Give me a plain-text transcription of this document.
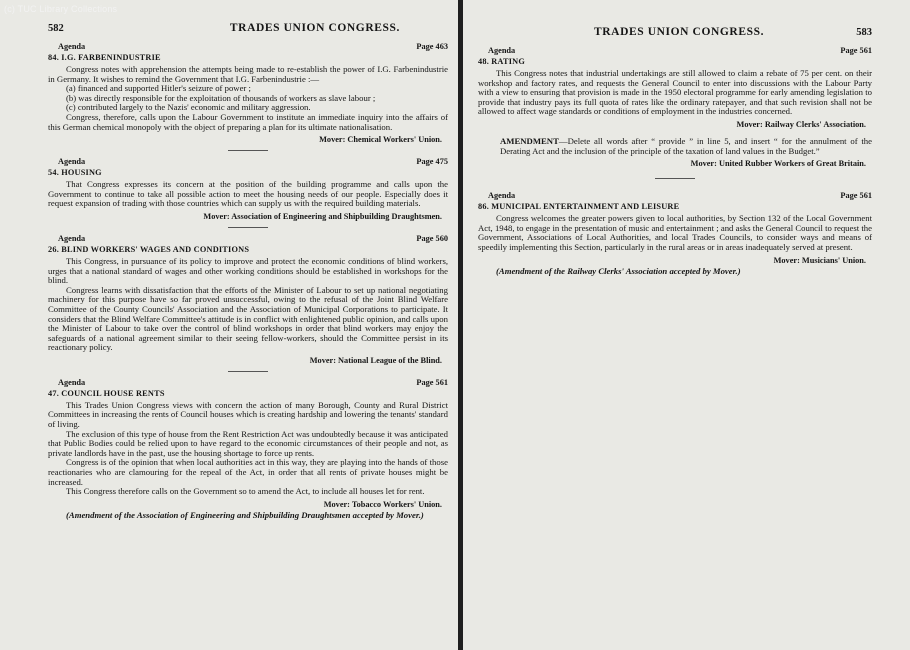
(c) TUC Library Collections
582	TRADES UNION CONGRESS.
Agenda	Page 463
84. I.G. FARBENINDUSTRIE

Congress notes with apprehension the attempts being made to re-establish the power of I.G. Farbenindustrie in Germany. It wishes to remind the Government that I.G. Farbenindustrie :—

(a) financed and supported Hitler's seizure of power ;

(b) was directly responsible for the exploitation of thousands of workers as slave labour ;

(c) contributed largely to the Nazis' economic and military aggression.

Congress, therefore, calls upon the Labour Government to institute an immediate inquiry into the affairs of this German chemical monopoly with the object of preparing a plan for its ultimate nationalisation.

Mover: Chemical Workers' Union.
Agenda	Page 475
54. HOUSING

That Congress expresses its concern at the position of the building programme and calls upon the Government to continue to take all possible action to meet the housing needs of our people. Especially does it request expansion of trading with those countries which can supply us with the required building materials.

Mover: Association of Engineering and Shipbuilding Draughtsmen.
Agenda	Page 560
26. BLIND WORKERS' WAGES AND CONDITIONS

This Congress, in pursuance of its policy to improve and protect the economic conditions of blind workers, urges that a national standard of wages and other working conditions should be established in workshops for the blind.

Congress learns with dissatisfaction that the efforts of the Minister of Labour to set up national negotiating machinery for this purpose have so far proved unsuccessful, owing to the refusal of the Joint Blind Welfare Committee of the County Councils' Association and the Association of Municipal Corporations to participate. It considers that the Blind Welfare Committee's attitude is in conflict with enlightened public opinion, and calls upon the Minister of Labour to take over the control of blind workshops in order that blind workers may enjoy the safeguards of a national agreement similar to their seeing fellow-workers, should the Committee persist in its reactionary policy.

Mover: National League of the Blind.
Agenda	Page 561
47. COUNCIL HOUSE RENTS

This Trades Union Congress views with concern the action of many Borough, County and Rural District Committees in increasing the rents of Council houses which is creating hardship and lowering the tenants' standard of living.

The exclusion of this type of house from the Rent Restriction Act was undoubtedly because it was anticipated that Public Bodies could be relied upon to have regard to the economic circumstances of their people and not, as private landlords have in the past, use the housing shortage to force up rents.

Congress is of the opinion that when local authorities act in this way, they are playing into the hands of those reactionaries who are clamouring for the repeal of the Act, in order that all rents of private houses might be increased.

This Congress therefore calls on the Government so to amend the Act, to include all houses let for rent.

Mover: Tobacco Workers' Union.
(Amendment of the Association of Engineering and Shipbuilding Draughtsmen accepted by Mover.)
TRADES UNION CONGRESS.	583
Agenda	Page 561
48. RATING

This Congress notes that industrial undertakings are still allowed to claim a rebate of 75 per cent. on their workshop and factory rates, and requests the General Council to enter into discussions with the Labour Party with a view to ensuring that provision is made in the 1950 electoral programme for early amending legislation to provide that industry pays its full quota of rates like the ordinary ratepayer, and that such revision shall not be allowed to affect wage standards or conditions of employment in the industries concerned.

Mover: Railway Clerks' Association.
AMENDMENT—Delete all words after “ provide ” in line 5, and insert “ for the annulment of the Derating Act and the inclusion of the principle of the taxation of land values in the Budget.”
Mover: United Rubber Workers of Great Britain.
Agenda	Page 561
86. MUNICIPAL ENTERTAINMENT AND LEISURE

Congress welcomes the greater powers given to local authorities, by Section 132 of the Local Government Act, 1948, to engage in the presentation of music and entertainment ; and asks the General Council to request the Government, Associations of Local Authorities, and local Trades Councils, to consider ways and means of speedily implementing this Section, particularly in the rural areas or in areas inadequately served at present.

Mover: Musicians' Union.
(Amendment of the Railway Clerks' Association accepted by Mover.)
